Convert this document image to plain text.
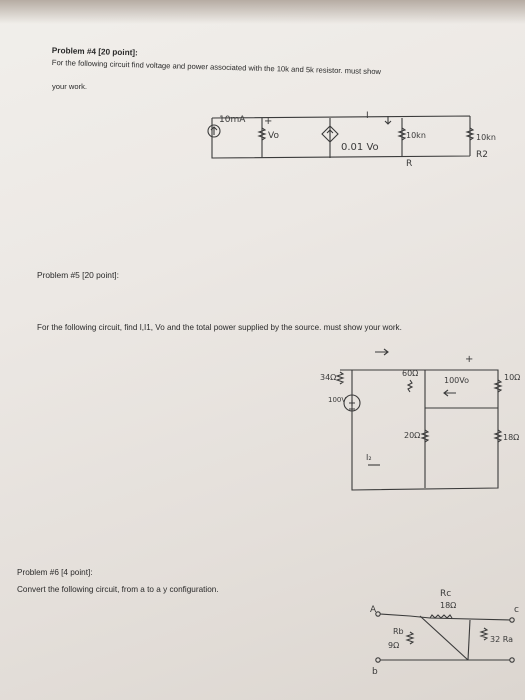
Problem #4 [20 point]:

For the following circuit find voltage and power associated with the 10k and 5k resistor. must show

your work.

Problem #5 [20 point]:

For the following circuit, find I,I1, Vo and the total power supplied by the source. must show your work.

Problem #6 [4 point]:

Convert the following circuit, from a to a y configuration.

10mA +
Vo
I
0.01 Vo
10kn
R
10kn
R2
34Ω	60Ω
+
100Vo	10Ω
100V
20Ω	18Ω
I₂
Rc
18Ω
Rb
9Ω
32 Ra
A
b
c
